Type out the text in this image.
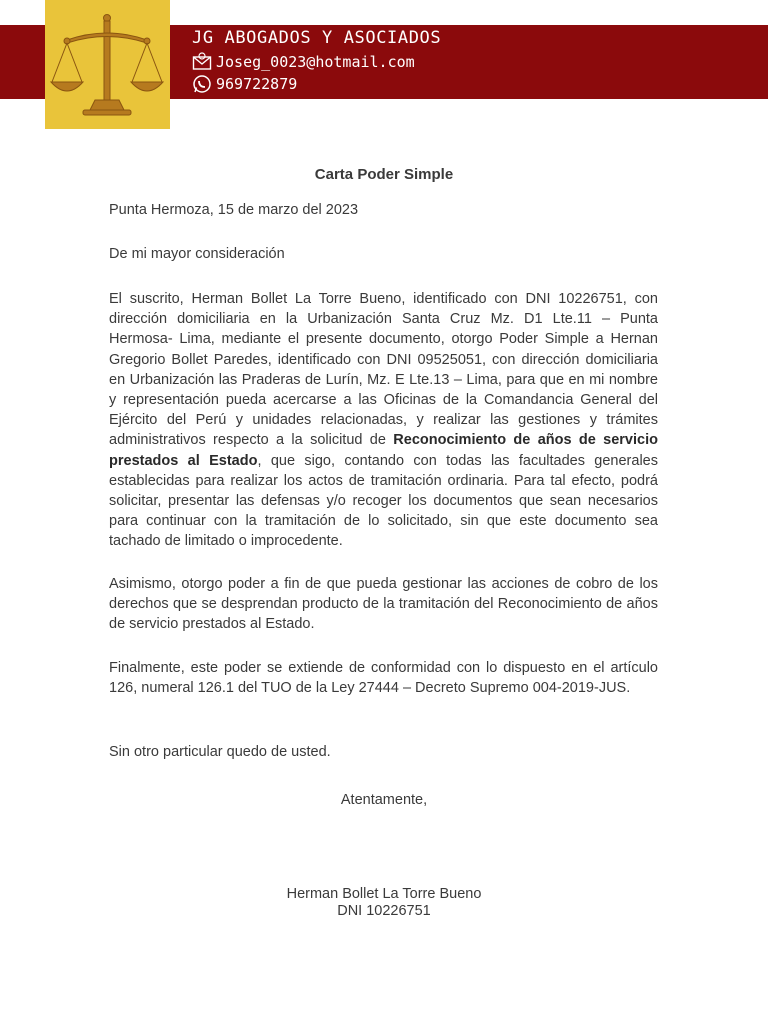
JG ABOGADOS Y ASOCIADOS
Joseg_0023@hotmail.com
969722879
Carta Poder Simple
Punta Hermoza, 15 de marzo del 2023
De mi mayor consideración
El suscrito, Herman Bollet La Torre Bueno, identificado con DNI 10226751, con dirección domiciliaria en la Urbanización Santa Cruz Mz. D1 Lte.11 – Punta Hermosa- Lima, mediante el presente documento, otorgo Poder Simple a Hernan Gregorio Bollet Paredes, identificado con DNI 09525051, con dirección domiciliaria en Urbanización las Praderas de Lurín, Mz. E Lte.13 – Lima, para que en mi nombre y representación pueda acercarse a las Oficinas de la Comandancia General del Ejército del Perú y unidades relacionadas, y realizar las gestiones y trámites administrativos respecto a la solicitud de Reconocimiento de años de servicio prestados al Estado, que sigo, contando con todas las facultades generales establecidas para realizar los actos de tramitación ordinaria. Para tal efecto, podrá solicitar, presentar las defensas y/o recoger los documentos que sean necesarios para continuar con la tramitación de lo solicitado, sin que este documento sea tachado de limitado o improcedente.
Asimismo, otorgo poder a fin de que pueda gestionar las acciones de cobro de los derechos que se desprendan producto de la tramitación del Reconocimiento de años de servicio prestados al Estado.
Finalmente, este poder se extiende de conformidad con lo dispuesto en el artículo 126, numeral 126.1 del TUO de la Ley 27444 – Decreto Supremo 004-2019-JUS.
Sin otro particular quedo de usted.
Atentamente,
Herman Bollet La Torre Bueno
DNI 10226751
